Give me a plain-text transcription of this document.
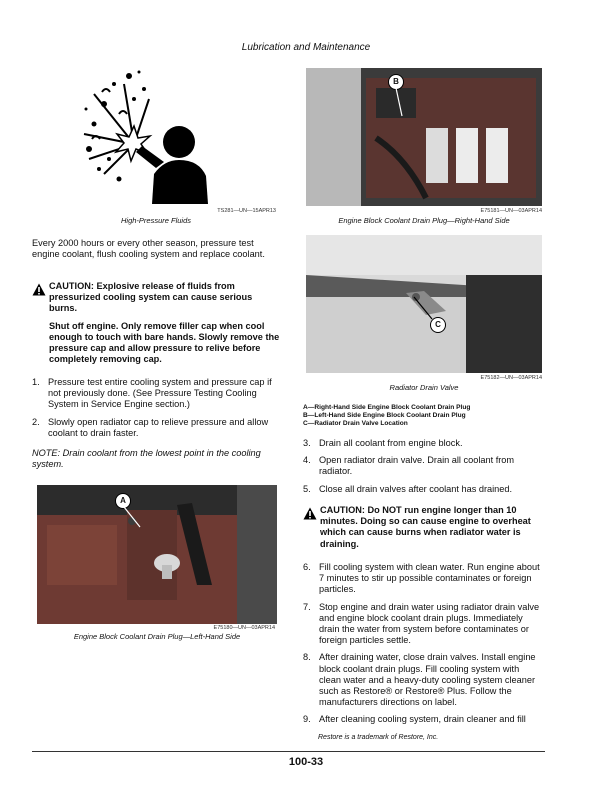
Lubrication and Maintenance
TS281—UN—15APR13
High-Pressure Fluids
Every 2000 hours or every other season, pressure test engine coolant, flush cooling system and replace coolant.
CAUTION: Explosive release of fluids from pressurized cooling system can cause serious burns.
Shut off engine. Only remove filler cap when cool enough to touch with bare hands. Slowly remove the pressure cap and allow pressure to relive before completely removing cap.
1. Pressure test entire cooling system and pressure cap if not previously done. (See Pressure Testing Cooling System in Service Engine section.)
2. Slowly open radiator cap to relieve pressure and allow coolant to drain faster.
NOTE: Drain coolant from the lowest point in the cooling system.
A
E75180—UN—03APR14
Engine Block Coolant Drain Plug—Left-Hand Side
B
E75181—UN—03APR14
Engine Block Coolant Drain Plug—Right-Hand Side
C
E75182—UN—03APR14
Radiator Drain Valve
A—Right-Hand Side Engine Block Coolant Drain Plug
B—Left-Hand Side Engine Block Coolant Drain Plug
C—Radiator Drain Valve Location
3. Drain all coolant from engine block.
4. Open radiator drain valve. Drain all coolant from radiator.
5. Close all drain valves after coolant has drained.
CAUTION: Do NOT run engine longer than 10 minutes. Doing so can cause engine to overheat which can cause burns when radiator water is draining.
6. Fill cooling system with clean water. Run engine about 7 minutes to stir up possible contaminates or foreign particles.
7. Stop engine and drain water using radiator drain valve and engine block coolant drain plugs. Immediately drain the water from system before contaminates or foreign particles settle.
8. After draining water, close drain valves. Install engine block coolant drain plugs. Fill cooling system with clean water and a heavy-duty cooling system cleaner such as Restore® or Restore® Plus. Follow the manufacturers directions on label.
9. After cleaning cooling system, drain cleaner and fill
Restore is a trademark of Restore, Inc.
100-33
